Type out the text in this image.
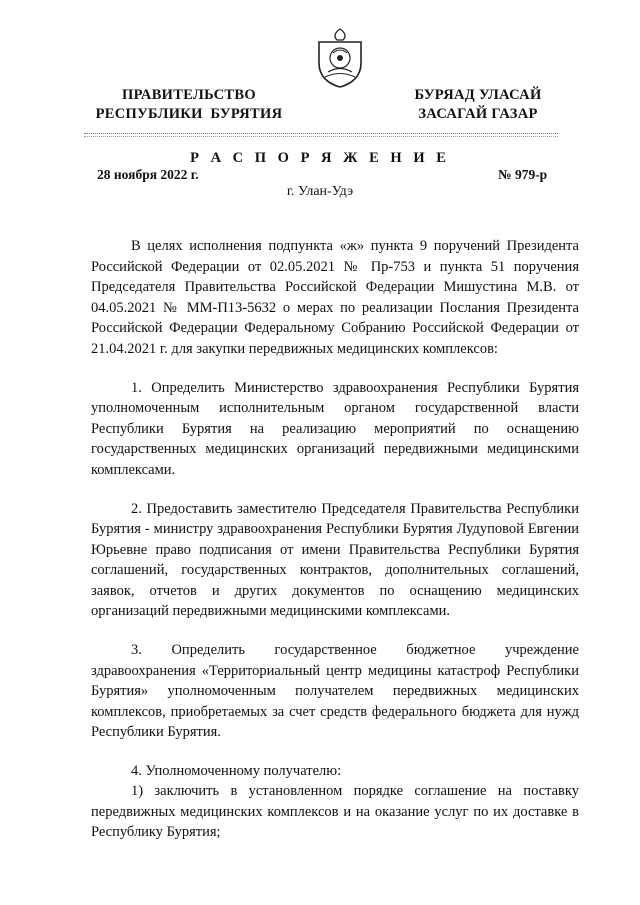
ПРАВИТЕЛЬСТВО
РЕСПУБЛИКИ  БУРЯТИЯ
БУРЯАД УЛАСАЙ
ЗАСАГАЙ ГАЗАР
Р А С П О Р Я Ж Е Н И Е
28 ноября 2022 г.	№ 979-р
г. Улан-Удэ

В целях исполнения подпункта «ж» пункта 9 поручений Президента Российской Федерации от 02.05.2021 № Пр-753 и пункта 51 поручения Председателя Правительства Российской Федерации Мишустина М.В. от 04.05.2021 № ММ-П13-5632 о мерах по реализации Послания Президента Российской Федерации Федеральному Собранию Российской Федерации от 21.04.2021 г. для закупки передвижных медицинских комплексов:

1. Определить Министерство здравоохранения Республики Бурятия уполномоченным исполнительным органом государственной власти Республики Бурятия на реализацию мероприятий по оснащению государственных медицинских организаций передвижными медицинскими комплексами.

2. Предоставить заместителю Председателя Правительства Республики Бурятия - министру здравоохранения Республики Бурятия Лудуповой Евгении Юрьевне право подписания от имени Правительства Республики Бурятия соглашений, государственных контрактов, дополнительных соглашений, заявок, отчетов и других документов по оснащению медицинских организаций передвижными медицинскими комплексами.

3. Определить государственное бюджетное учреждение здравоохранения «Территориальный центр медицины катастроф Республики Бурятия» уполномоченным получателем передвижных медицинских комплексов, приобретаемых за счет средств федерального бюджета для нужд Республики Бурятия.

4. Уполномоченному получателю:

1) заключить в установленном порядке соглашение на поставку передвижных медицинских комплексов и на оказание услуг по их доставке в Республику Бурятия;
